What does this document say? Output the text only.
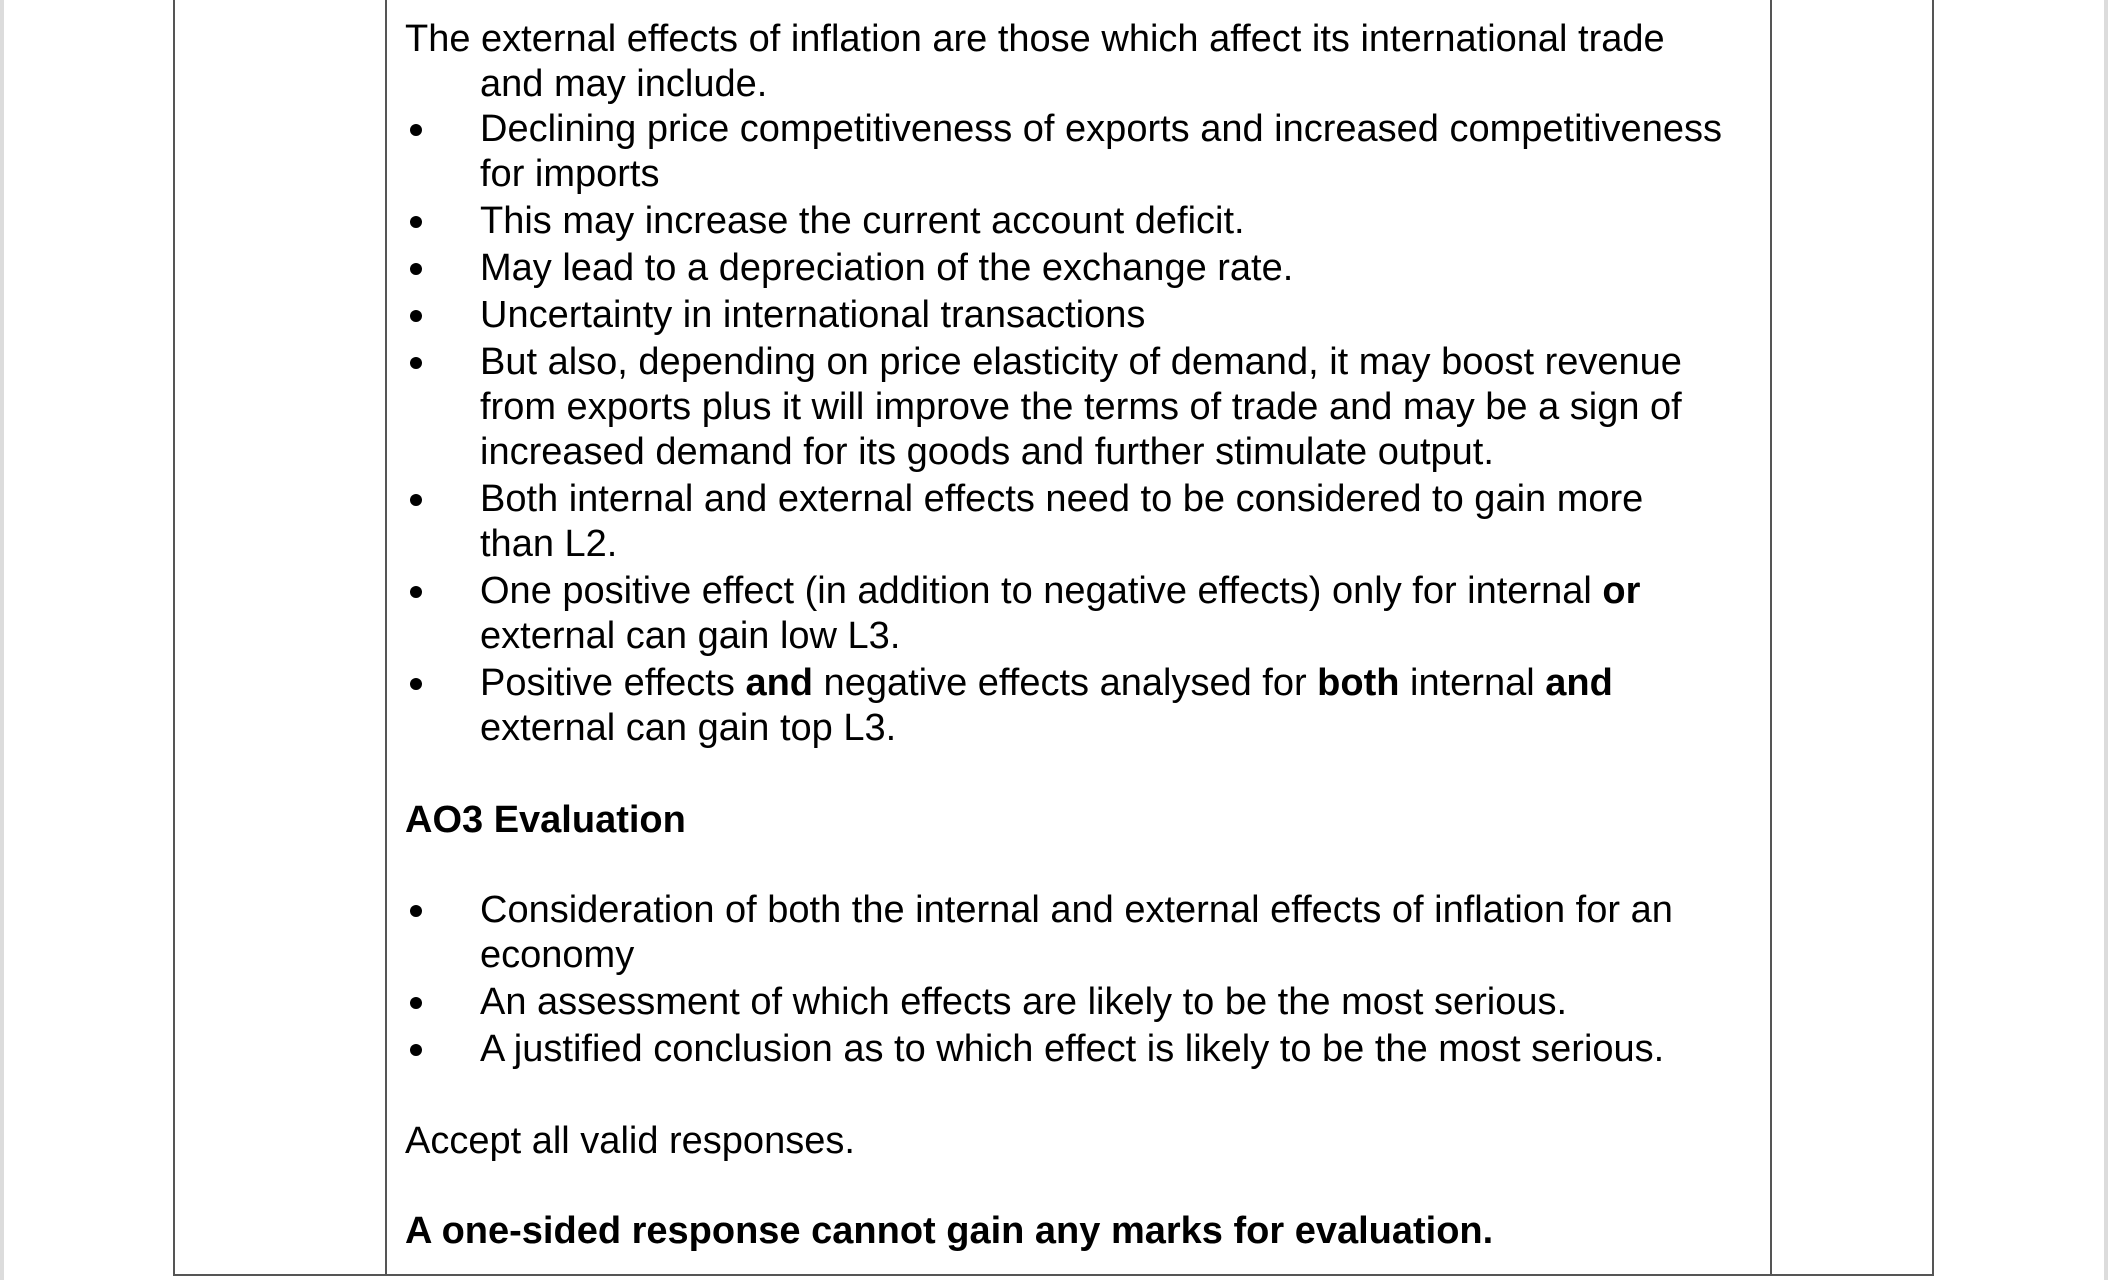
The external effects of inflation are those which affect its international trade and may include.

Declining price competitiveness of exports and increased competitiveness for imports
This may increase the current account deficit.
May lead to a depreciation of the exchange rate.
Uncertainty in international transactions
But also, depending on price elasticity of demand, it may boost revenue from exports plus it will improve the terms of trade and may be a sign of increased demand for its goods and further stimulate output.
Both internal and external effects need to be considered to gain more than L2.
One positive effect (in addition to negative effects) only for internal or external can gain low L3.
Positive effects and negative effects analysed for both internal and external can gain top L3.

AO3 Evaluation

Consideration of both the internal and external effects of inflation for an economy
An assessment of which effects are likely to be the most serious.
A justified conclusion as to which effect is likely to be the most serious.

Accept all valid responses.

A one-sided response cannot gain any marks for evaluation.
